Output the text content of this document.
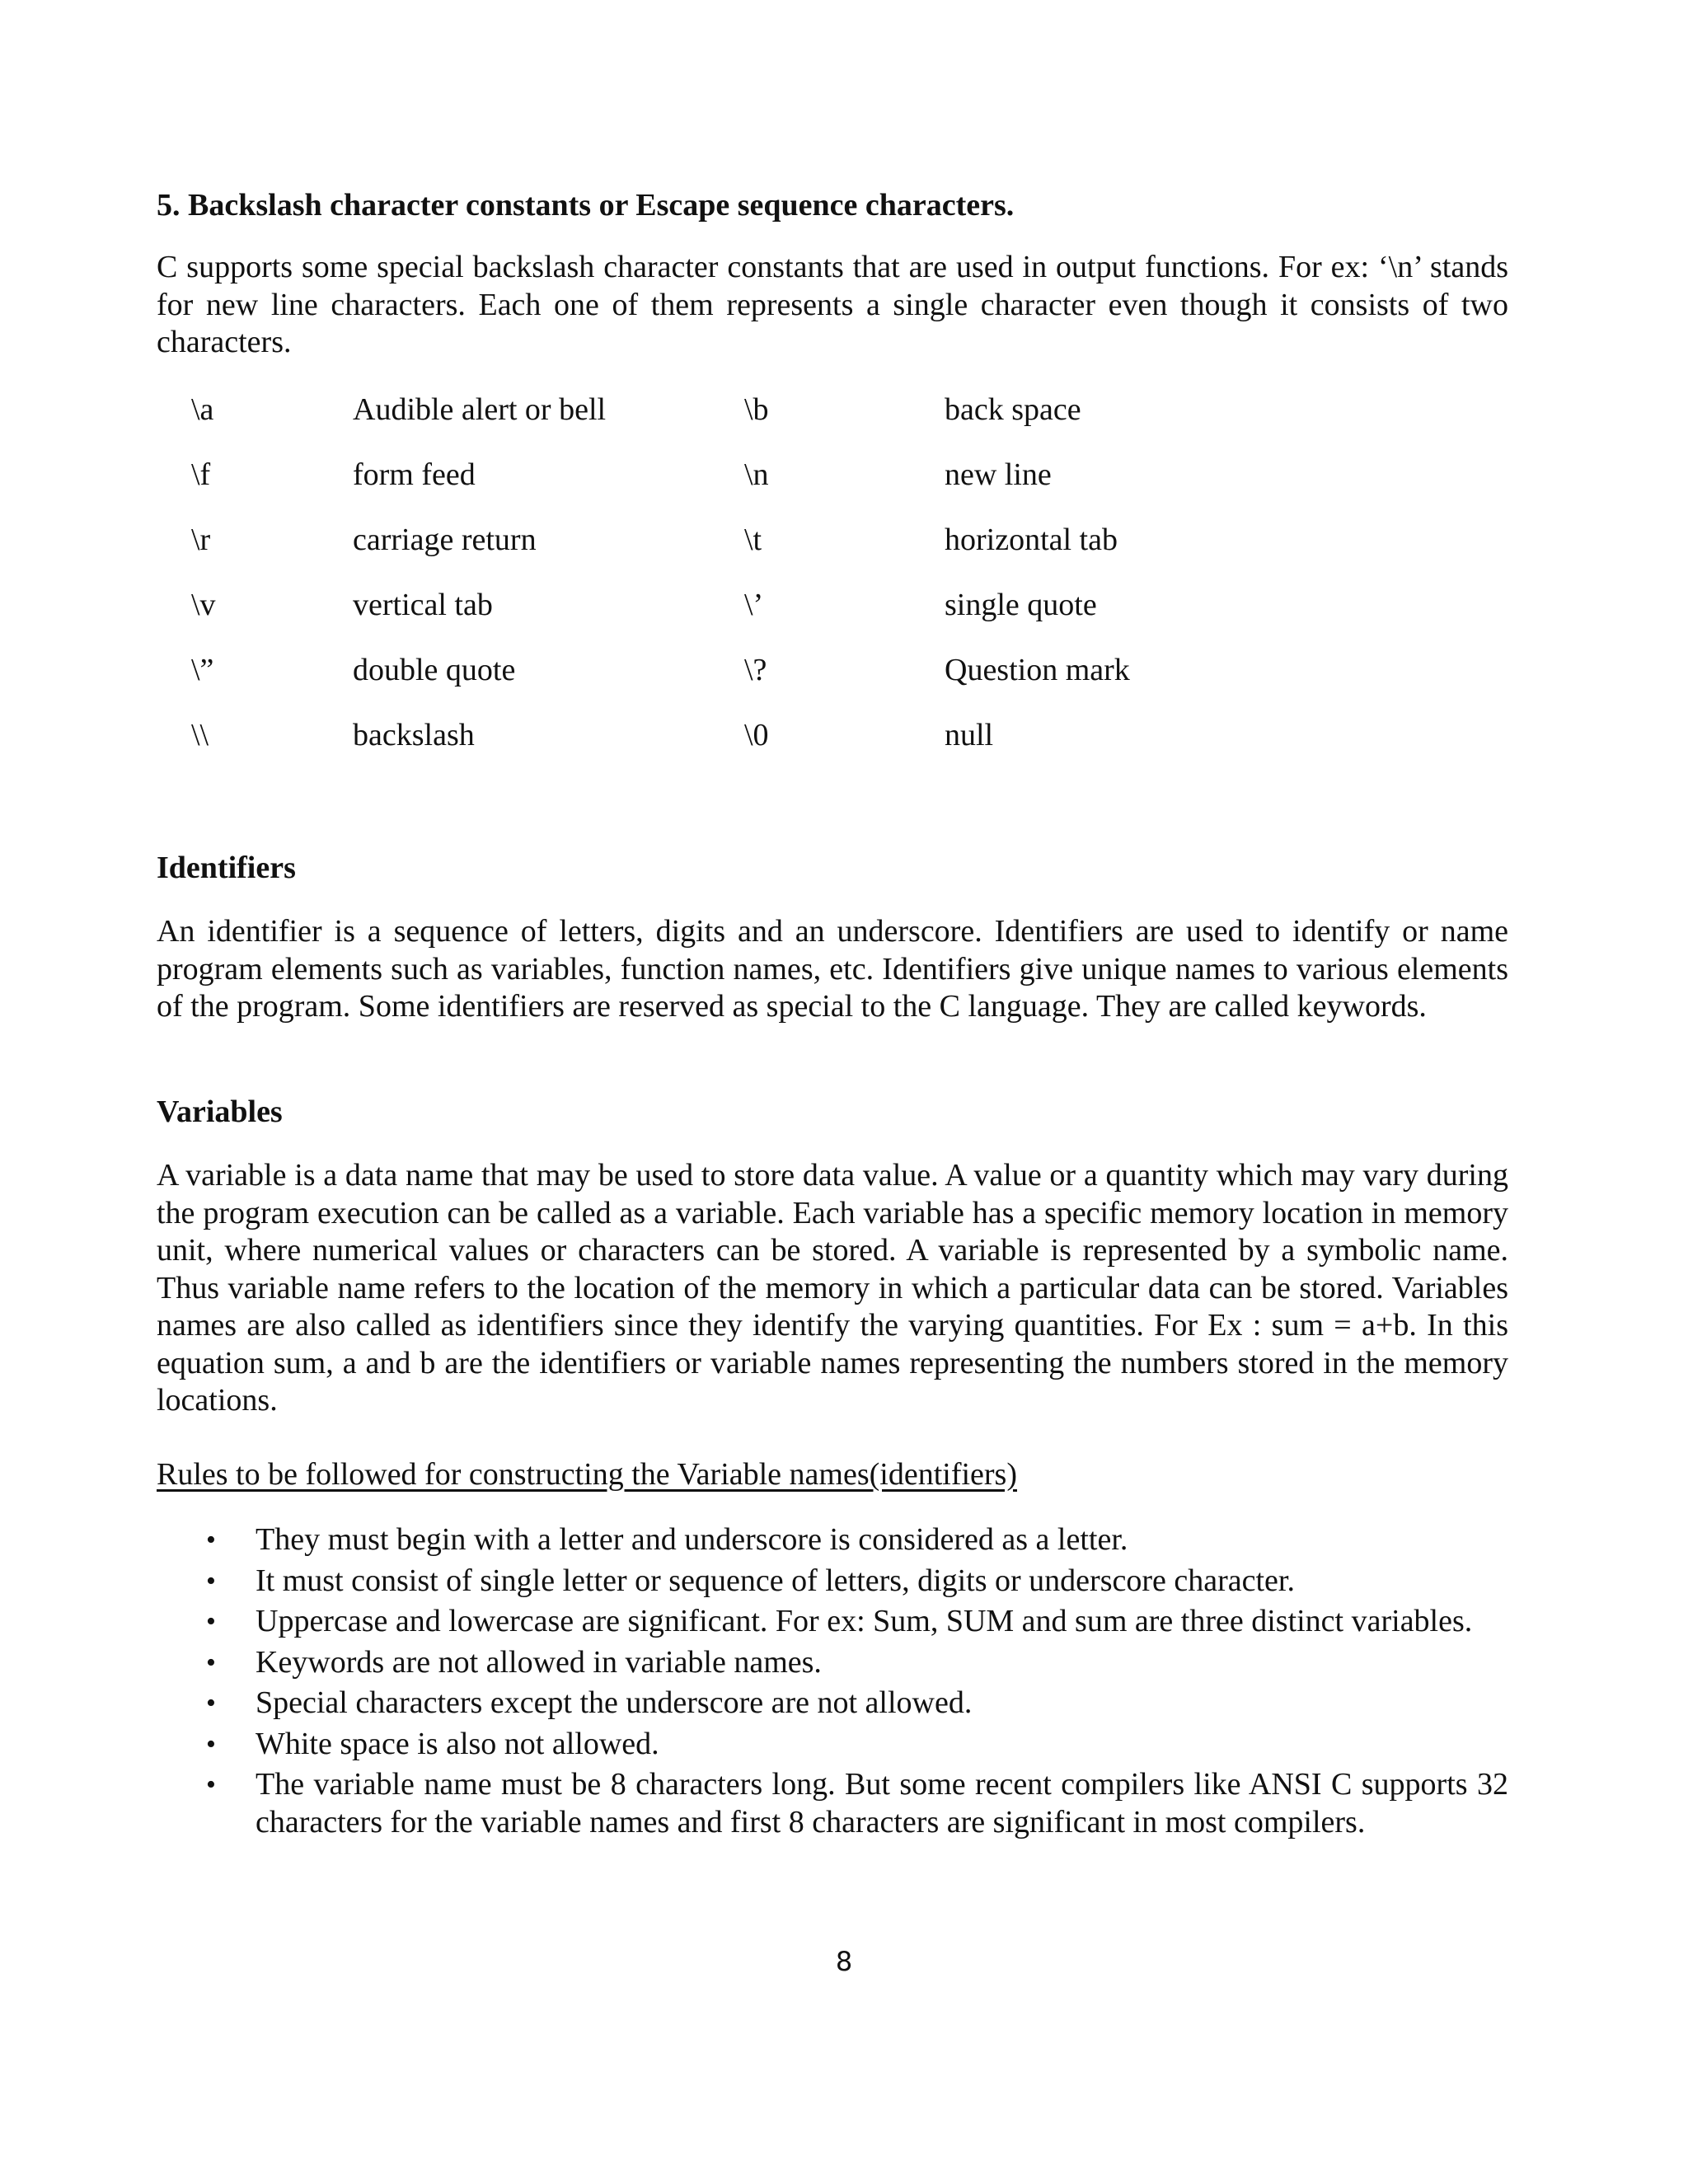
5. Backslash character constants or Escape sequence characters.

C supports some special backslash character constants that are used in output functions. For ex: ‘\n’ stands for new line characters. Each one of them represents a single character even though it consists of two characters.

\a	Audible alert or bell	\b	back space
\f	form feed	\n	new line
\r	carriage return	\t	horizontal tab
\v	vertical tab	\’	single quote
\”	double quote	\?	Question mark
\\	backslash	\0	null
Identifiers

An identifier is a sequence of letters, digits and an underscore. Identifiers are used to identify or name program elements such as variables, function names, etc. Identifiers give unique names to various elements of the program. Some identifiers are reserved as special to the C language. They are called keywords.

Variables

A variable is a data name that may be used to store data value. A value or a quantity which may vary during the program execution can be called as a variable. Each variable has a specific memory location in memory unit, where numerical values or characters can be stored. A variable is represented by a symbolic name. Thus variable name refers to the location of the memory in which a particular data can be stored. Variables names are also called as identifiers since they identify the varying quantities. For Ex : sum = a+b. In this equation sum, a and b are the identifiers or variable names representing the numbers stored in the memory locations.

Rules to be followed for constructing the Variable names(identifiers)
• They must begin with a letter and underscore is considered as a letter.
• It must consist of single letter or sequence of letters, digits or underscore character.
• Uppercase and lowercase are significant. For ex: Sum, SUM and sum are three distinct variables.
• Keywords are not allowed in variable names.
• Special characters except the underscore are not allowed.
• White space is also not allowed.
• The variable name must be 8 characters long. But some recent compilers like ANSI C supports 32 characters for the variable names and first 8 characters are significant in most compilers.
8
